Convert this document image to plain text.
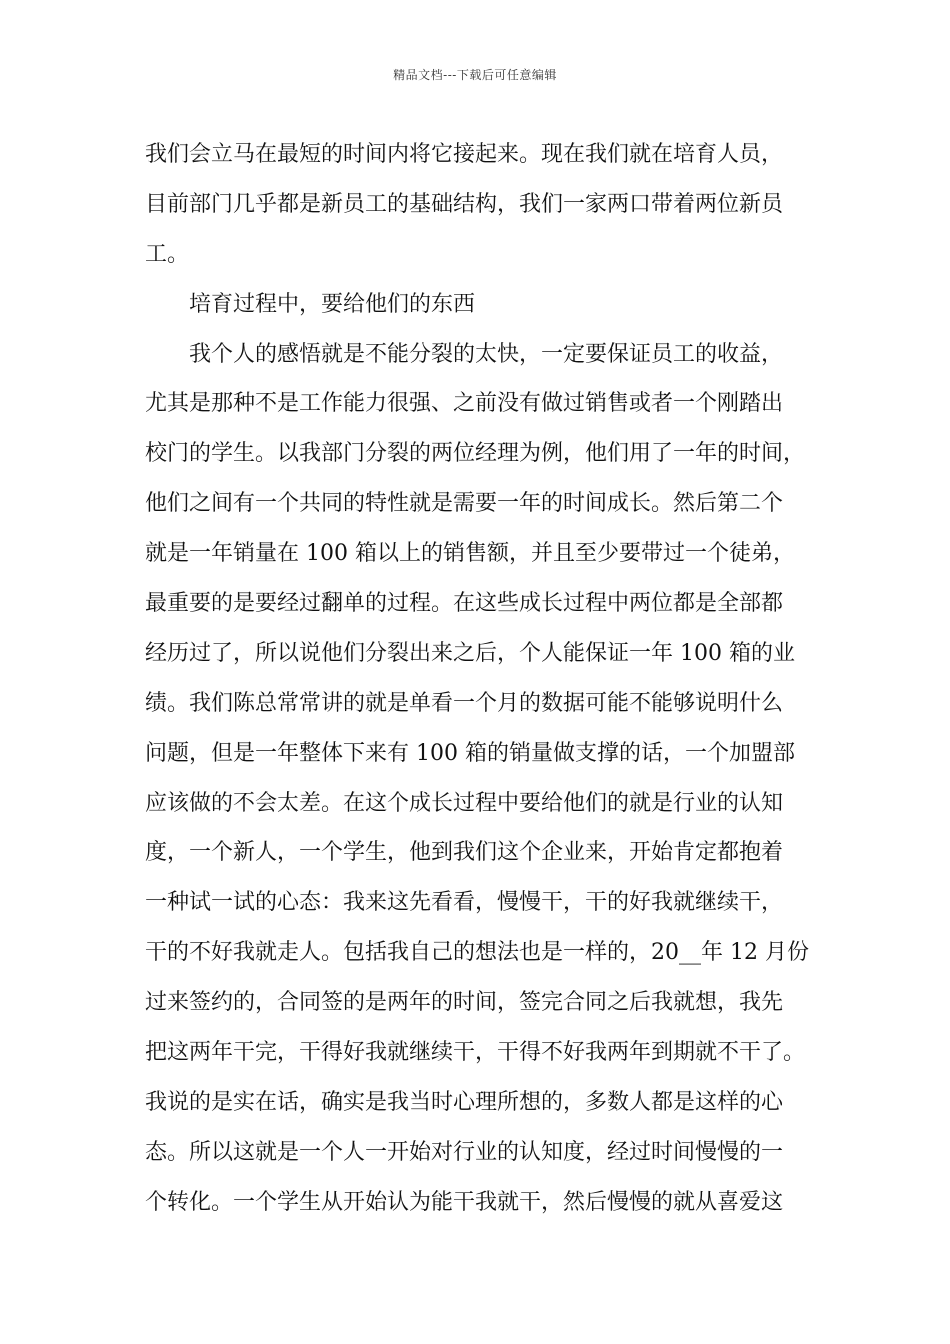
精品文档---下载后可任意编辑
我们会立马在最短的时间内将它接起来。现在我们就在培育人员，
目前部门几乎都是新员工的基础结构，我们一家两口带着两位新员
工。
培育过程中，要给他们的东西
我个人的感悟就是不能分裂的太快，一定要保证员工的收益，
尤其是那种不是工作能力很强、之前没有做过销售或者一个刚踏出
校门的学生。以我部门分裂的两位经理为例，他们用了一年的时间，
他们之间有一个共同的特性就是需要一年的时间成长。然后第二个
就是一年销量在 100 箱以上的销售额，并且至少要带过一个徒弟，
最重要的是要经过翻单的过程。在这些成长过程中两位都是全部都
经历过了，所以说他们分裂出来之后，个人能保证一年 100 箱的业
绩。我们陈总常常讲的就是单看一个月的数据可能不能够说明什么
问题，但是一年整体下来有 100 箱的销量做支撑的话，一个加盟部
应该做的不会太差。在这个成长过程中要给他们的就是行业的认知
度，一个新人，一个学生，他到我们这个企业来，开始肯定都抱着
一种试一试的心态：我来这先看看，慢慢干，干的好我就继续干，
干的不好我就走人。包括我自己的想法也是一样的，20__年 12 月份
过来签约的，合同签的是两年的时间，签完合同之后我就想，我先
把这两年干完，干得好我就继续干，干得不好我两年到期就不干了。
我说的是实在话，确实是我当时心理所想的，多数人都是这样的心
态。所以这就是一个人一开始对行业的认知度，经过时间慢慢的一
个转化。一个学生从开始认为能干我就干，然后慢慢的就从喜爱这
